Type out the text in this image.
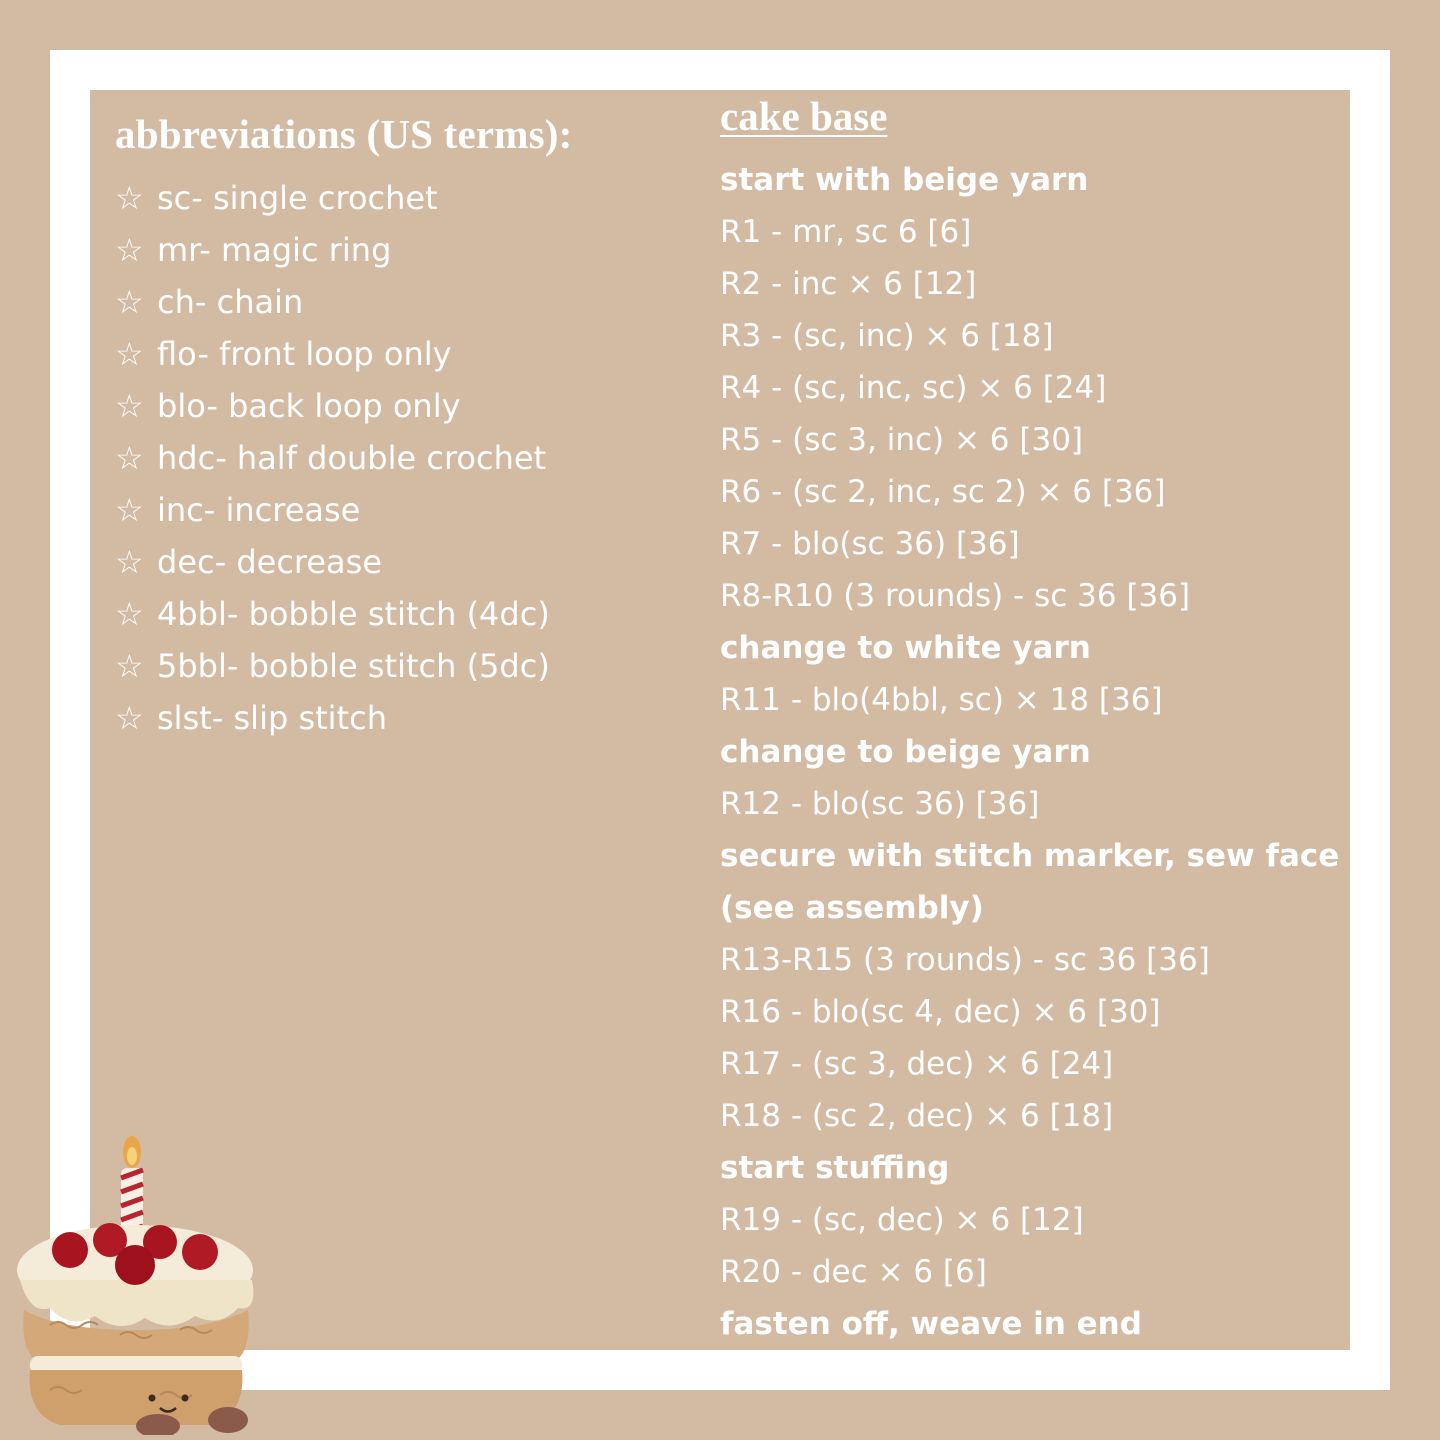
abbreviations (US terms):
☆ sc- single crochet
☆ mr- magic ring
☆ ch- chain
☆ flo- front loop only
☆ blo- back loop only
☆ hdc- half double crochet
☆ inc- increase
☆ dec- decrease
☆ 4bbl- bobble stitch (4dc)
☆ 5bbl- bobble stitch (5dc)
☆ slst- slip stitch
cake base
start with beige yarn
R1 - mr, sc 6 [6]
R2 - inc × 6 [12]
R3 - (sc, inc) × 6 [18]
R4 - (sc, inc, sc) × 6 [24]
R5 - (sc 3, inc) × 6 [30]
R6 - (sc 2, inc, sc 2) × 6 [36]
R7 - blo(sc 36) [36]
R8-R10 (3 rounds) - sc 36 [36]
change to white yarn
R11 - blo(4bbl, sc) × 18 [36]
change to beige yarn
R12 - blo(sc 36) [36]
secure with stitch marker, sew face
(see assembly)
R13-R15 (3 rounds) - sc 36 [36]
R16 - blo(sc 4, dec) × 6 [30]
R17 - (sc 3, dec) × 6 [24]
R18 - (sc 2, dec) × 6 [18]
start stuffing
R19 - (sc, dec) × 6 [12]
R20 - dec × 6 [6]
fasten off, weave in end
